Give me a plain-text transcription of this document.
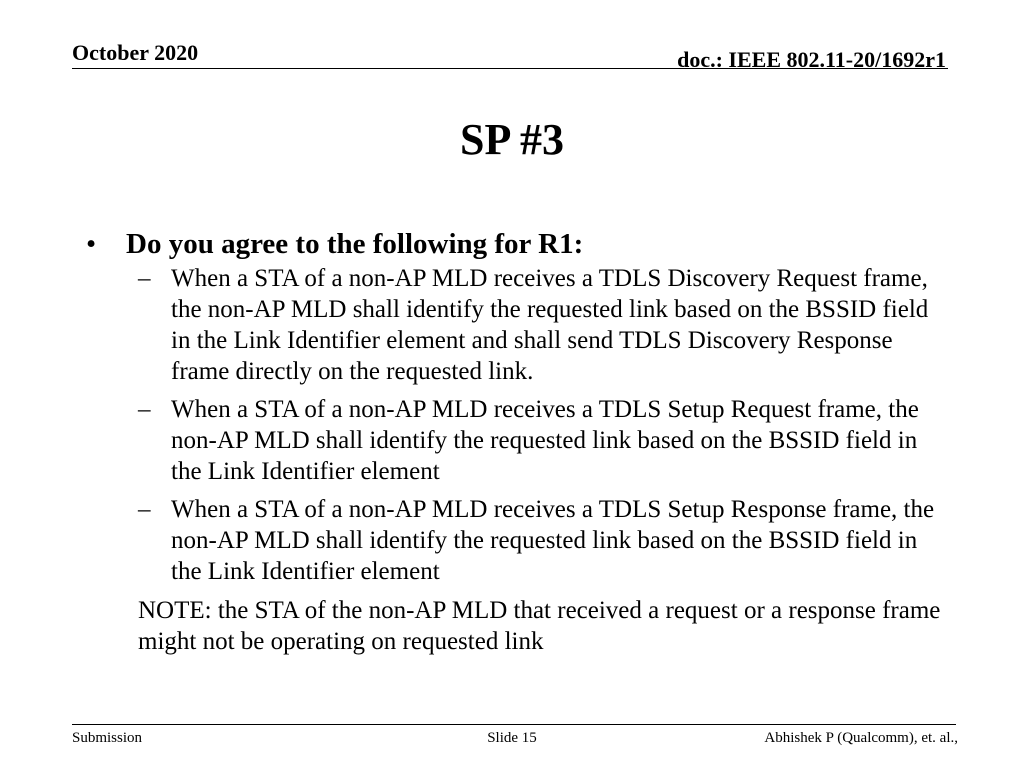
October 2020	doc.: IEEE 802.11-20/1692r1
SP #3
• Do you agree to the following for R1:
– When a STA of a non-AP MLD receives a TDLS Discovery Request frame, the non-AP MLD shall identify the requested link based on the BSSID field in the Link Identifier element and shall send TDLS Discovery Response frame directly on the requested link.
– When a STA of a non-AP MLD receives a TDLS Setup Request frame, the non-AP MLD shall identify the requested link based on the BSSID field in the Link Identifier element
– When a STA of a non-AP MLD receives a TDLS Setup Response frame, the non-AP MLD shall identify the requested link based on the BSSID field in the Link Identifier element
NOTE: the STA of the non-AP MLD that received a request or a response frame might not be operating on requested link
Submission	Slide 15	Abhishek P (Qualcomm), et. al.,
